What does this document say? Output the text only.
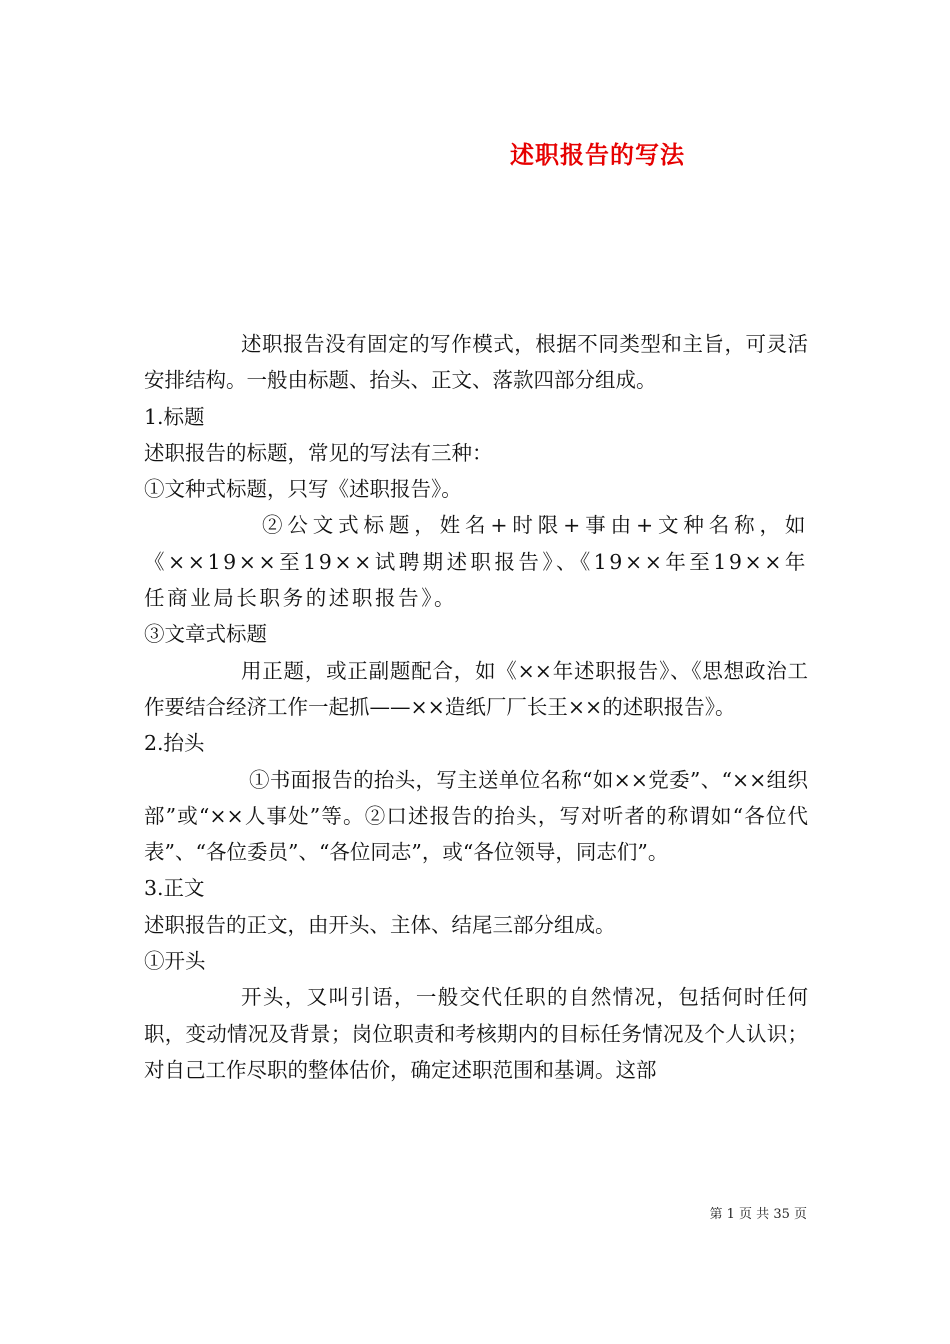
述职报告的写法

述职报告没有固定的写作模式，根据不同类型和主旨，可灵活安排结构。一般由标题、抬头、正文、落款四部分组成。

1.标题

述职报告的标题，常见的写法有三种：

①文种式标题，只写《述职报告》。

②公文式标题，姓名+时限+事由+文种名称，如《××19××至19××试聘期述职报告》、《19××年至19××年任商业局长职务的述职报告》。

③文章式标题

用正题，或正副题配合，如《××年述职报告》、《思想政治工作要结合经济工作一起抓——××造纸厂厂长王××的述职报告》。

2.抬头

①书面报告的抬头，写主送单位名称“如××党委”、“××组织部”或“××人事处”等。②口述报告的抬头，写对听者的称谓如“各位代表”、“各位委员”、“各位同志”，或“各位领导，同志们”。

3.正文

述职报告的正文，由开头、主体、结尾三部分组成。

①开头

开头，又叫引语，一般交代任职的自然情况，包括何时任何职，变动情况及背景；岗位职责和考核期内的目标任务情况及个人认识；对自己工作尽职的整体估价，确定述职范围和基调。这部

第 1 页 共 35 页
